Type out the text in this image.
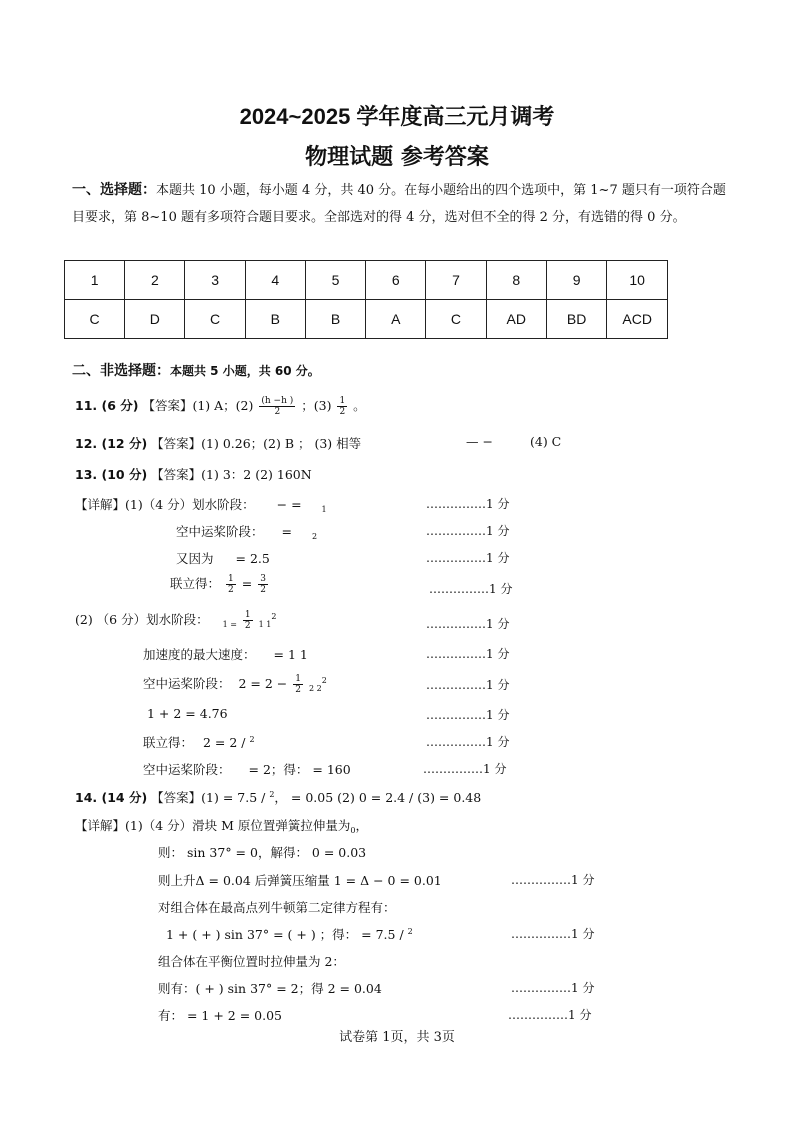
2024~2025 学年度高三元月调考
物理试题 参考答案
一、选择题：本题共 10 小题，每小题 4 分，共 40 分。在每小题给出的四个选项中，第 1~7 题只有一项符合题目要求，第 8~10 题有多项符合题目要求。全部选对的得 4 分，选对但不全的得 2 分，有选错的得 0 分。
1	2	3	4	5	6	7	8	9	10
C	D	C	B	B	A	C	AD	BD	ACD
二、非选择题：本题共 5 小题，共 60 分。
11. (6 分) 【答案】(1) A；$(2) \frac{(h -h )}{2}$ ；$(3) \frac{1}{2}$ 。
12. (12 分) 【答案】(1) 0.26；(2) B ； (3) 相等	— −	(4) C
13. (10 分) 【答案】(1) 3：2 (2) 160N
【详解】(1)（4 分）划水阶段： − = $_1$	……………1 分
空中运桨阶段： = $_2$	……………1 分
又因为 = 2.5	……………1 分
联立得： $\frac{1}{2} = \frac{3}{2}$	……………1 分
(2) （6 分）划水阶段： $_{1 =} \frac{1}{2} _{1 1}^2$
……………1 分
加速度的最大速度： = 1 1	……………1 分
空中运桨阶段： $2 = 2 - \frac{1}{2} _{2 2}^2$	……………1 分
1 + 2 = 4.76	……………1 分
联立得： 2 = 2 / $^2$	……………1 分
空中运桨阶段： = 2；得： = 160	……………1 分
14. (14 分) 【答案】(1) = 7.5 / $^2$， = 0.05 (2) 0 = 2.4 / (3) = 0.48
【详解】(1)（4 分）滑块 M 原位置弹簧拉伸量为$_0$，
则： sin 37° = 0，解得： 0 = 0.03
则上升Δ = 0.04 后弹簧压缩量 1 = Δ − 0 = 0.01	……………1 分
对组合体在最高点列牛顿第二定律方程有：
1 + ( + ) sin 37° = ( + ) ；得： = 7.5 / $^2$	……………1 分
组合体在平衡位置时拉伸量为 2：
则有：( + ) sin 37° = 2；得 2 = 0.04	……………1 分
有： = 1 + 2 = 0.05	……………1 分
试卷第 1页，共 3页
